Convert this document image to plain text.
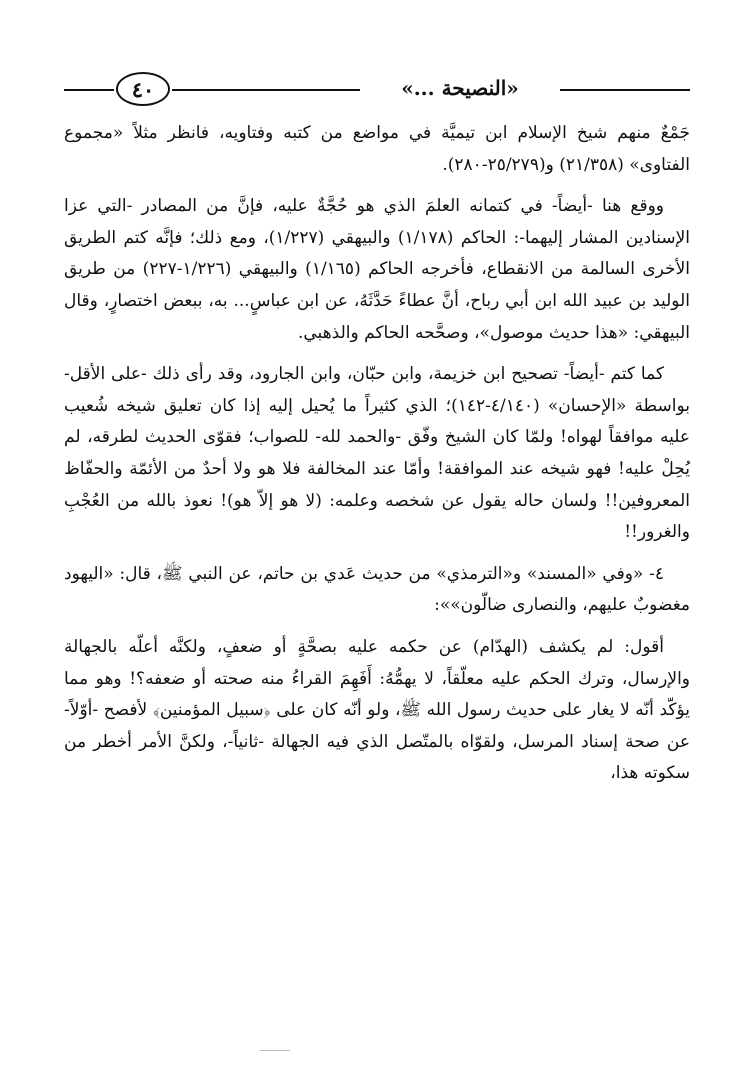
٤٠	«النصيحة ...»

جَمْعٌ منهم شيخ الإسلام ابن تيميَّة في مواضع من كتبه وفتاويه، فانظر مثلاً «مجموع الفتاوى» (٢١/٣٥٨) و(٢٥/٢٧٩-٢٨٠).

ووقع هنا -أيضاً- في كتمانه العلمَ الذي هو حُجَّةٌ عليه، فإنَّ من المصادر -التي عزا الإسنادين المشار إليهما-: الحاكم (١/١٧٨) والبيهقي (١/٢٢٧)، ومع ذلك؛ فإنَّه كتم الطريق الأخرى السالمة من الانقطاع، فأخرجه الحاكم (١/١٦٥) والبيهقي (١/٢٢٦-٢٢٧) من طريق الوليد بن عبيد الله ابن أبي رباح، أنَّ عطاءً حَدَّثَهُ، عن ابن عباسٍ... به، ببعض اختصارٍ، وقال البيهقي: «هذا حديث موصول»، وصحَّحه الحاكم والذهبي.

كما كتم -أيضاً- تصحيح ابن خزيمة، وابن حبّان، وابن الجارود، وقد رأى ذلك -على الأقل- بواسطة «الإحسان» (٤/١٤٠-١٤٢)؛ الذي كثيراً ما يُحيل إليه إذا كان تعليق شيخه شُعيب عليه موافقاً لهواه! ولمّا كان الشيخ وفّق -والحمد لله- للصواب؛ فقوّى الحديث لطرقه، لم يُحِلْ عليه! فهو شيخه عند الموافقة! وأمّا عند المخالفة فلا هو ولا أحدٌ من الأئمّة والحفّاظ المعروفين!! ولسان حاله يقول عن شخصه وعلمه: (لا هو إلاّ هو)! نعوذ بالله من العُجْبِ والغرور!!

٤- «وفي «المسند» و«الترمذي» من حديث عَدي بن حاتم، عن النبي ﷺ، قال: «اليهود مغضوبٌ عليهم، والنصارى ضالّون»»:

أقول: لم يكشف (الهدّام) عن حكمه عليه بصحَّةٍ أو ضعفٍ، ولكنَّه أعلّه بالجهالة والإرسال، وترك الحكم عليه معلّقاً، لا يهمُّهُ: أَفَهِمَ القراءُ منه صحته أو ضعفه؟! وهو مما يؤكّد أنّه لا يغار على حديث رسول الله ﷺ، ولو أنّه كان على ﴿سبيل المؤمنين﴾ لأفصح -أوّلاً- عن صحة إسناد المرسل، ولقوّاه بالمتّصل الذي فيه الجهالة -ثانياً-، ولكنَّ الأمر أخطر من سكوته هذا،
